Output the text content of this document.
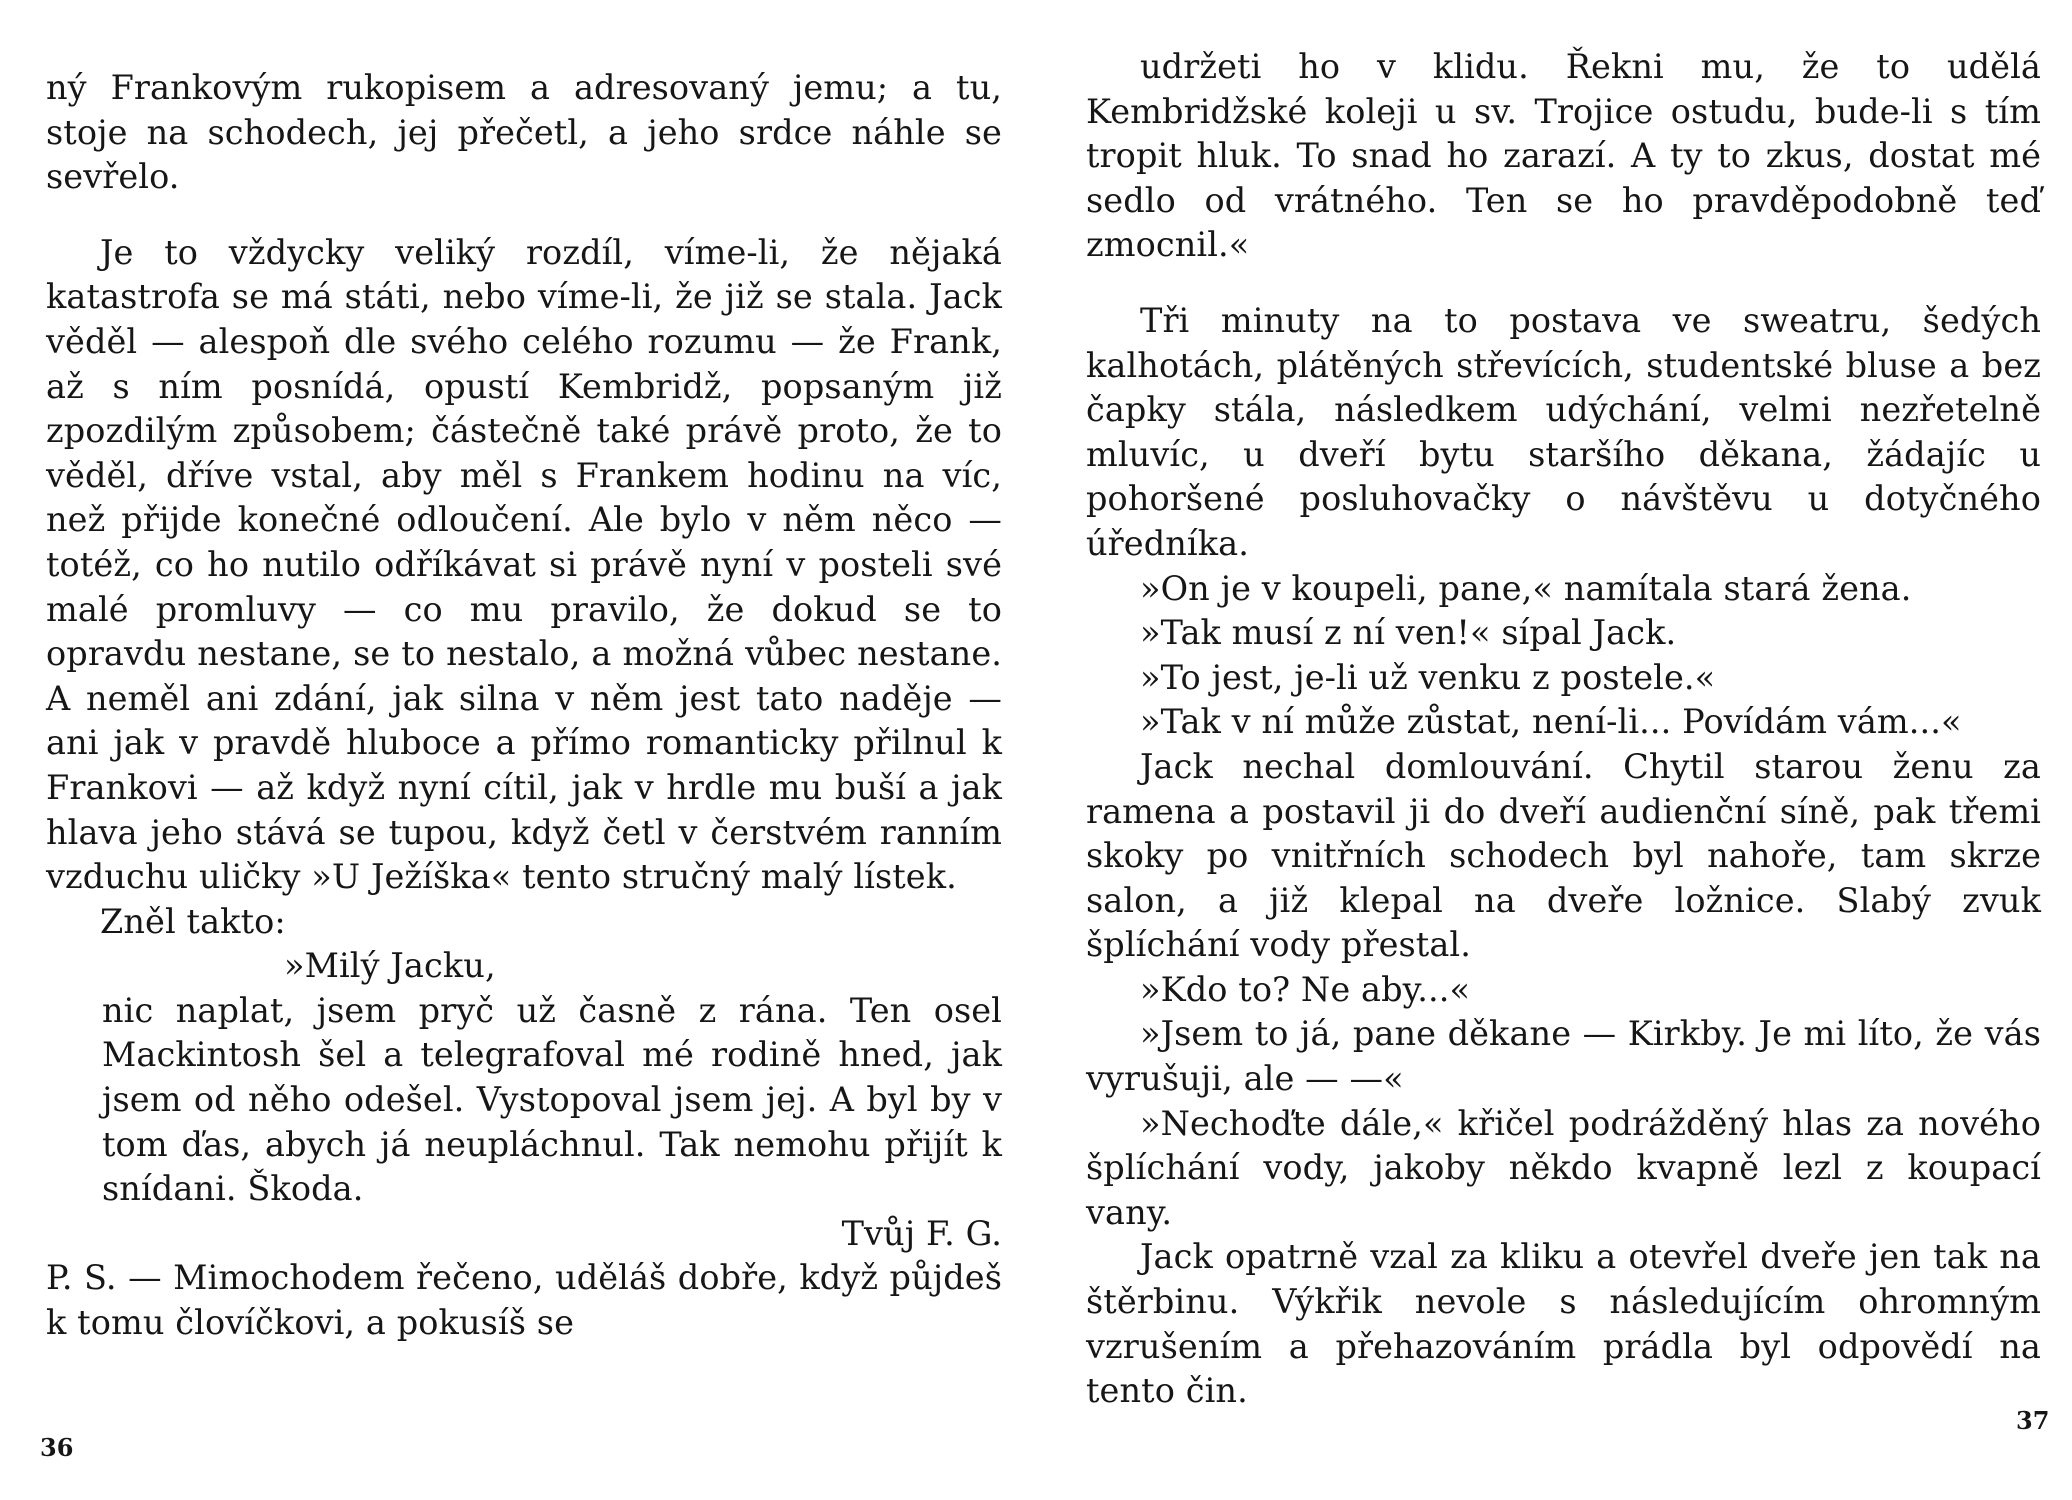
ný Frankovým rukopisem a adresovaný jemu; a tu, stoje na schodech, jej přečetl, a jeho srdce náhle se sevřelo.

Je to vždycky veliký rozdíl, víme-li, že nějaká katastrofa se má státi, nebo víme-li, že již se stala. Jack věděl — alespoň dle svého celého rozumu — že Frank, až s ním posnídá, opustí Kembridž, popsaným již zpozdilým způsobem; částečně také právě proto, že to věděl, dříve vstal, aby měl s Frankem hodinu na víc, než přijde konečné odloučení. Ale bylo v něm něco — totéž, co ho nutilo odříkávat si právě nyní v posteli své malé promluvy — co mu pravilo, že dokud se to opravdu nestane, se to nestalo, a možná vůbec nestane. A neměl ani zdání, jak silna v něm jest tato naděje — ani jak v pravdě hluboce a přímo romanticky přilnul k Frankovi — až když nyní cítil, jak v hrdle mu buší a jak hlava jeho stává se tupou, když četl v čerstvém ranním vzduchu uličky »U Ježíška« tento stručný malý lístek.

Zněl takto:

»Milý Jacku,

nic naplat, jsem pryč už časně z rána. Ten osel Mackintosh šel a telegrafoval mé rodině hned, jak jsem od něho odešel. Vystopoval jsem jej. A byl by v tom ďas, abych já neupláchnul. Tak nemohu přijít k snídani. Škoda.

Tvůj F. G.

P. S. — Mimochodem řečeno, uděláš dobře, když půjdeš k tomu človíčkovi, a pokusíš se

36

udržeti ho v klidu. Řekni mu, že to udělá Kembridžské koleji u sv. Trojice ostudu, bude-li s tím tropit hluk. To snad ho zarazí. A ty to zkus, dostat mé sedlo od vrátného. Ten se ho pravděpodobně teď zmocnil.«

Tři minuty na to postava ve sweatru, šedých kalhotách, plátěných střevících, studentské bluse a bez čapky stála, následkem udýchání, velmi nezřetelně mluvíc, u dveří bytu staršího děkana, žádajíc u pohoršené posluhovačky o návštěvu u dotyčného úředníka.

»On je v koupeli, pane,« namítala stará žena.

»Tak musí z ní ven!« sípal Jack.

»To jest, je-li už venku z postele.«

»Tak v ní může zůstat, není-li... Povídám vám...«

Jack nechal domlouvání. Chytil starou ženu za ramena a postavil ji do dveří audienční síně, pak třemi skoky po vnitřních schodech byl nahoře, tam skrze salon, a již klepal na dveře ložnice. Slabý zvuk šplíchání vody přestal.

»Kdo to? Ne aby...«

»Jsem to já, pane děkane — Kirkby. Je mi líto, že vás vyrušuji, ale — —«

»Nechoďte dále,« křičel podrážděný hlas za nového šplíchání vody, jakoby někdo kvapně lezl z koupací vany.

Jack opatrně vzal za kliku a otevřel dveře jen tak na štěrbinu. Výkřik nevole s následujícím ohromným vzrušením a přehazováním prádla byl odpovědí na tento čin.

37
